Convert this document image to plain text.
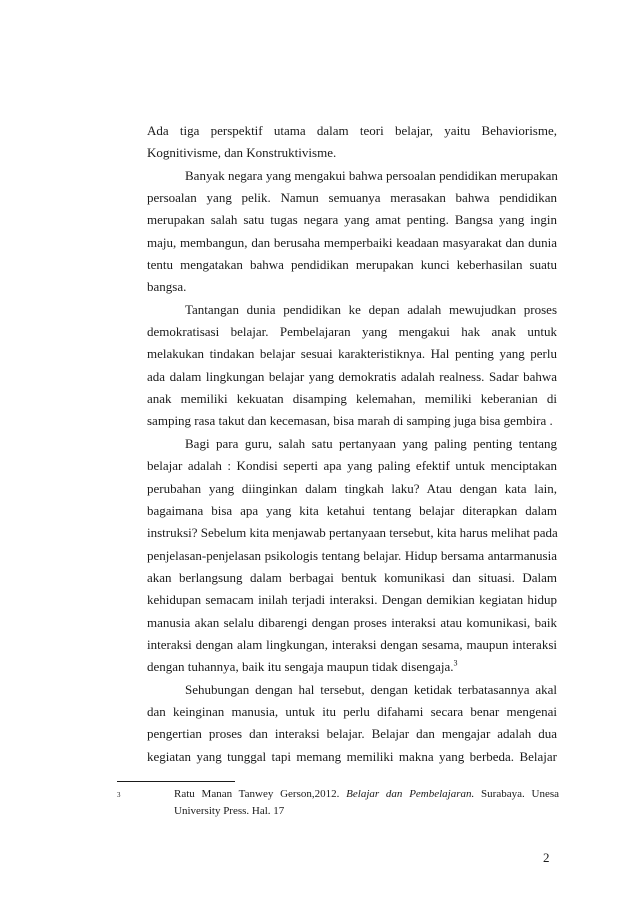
Ada tiga perspektif utama dalam teori belajar, yaitu Behaviorisme,
Kognitivisme, dan Konstruktivisme.
Banyak negara yang mengakui bahwa persoalan pendidikan merupakan
persoalan yang pelik. Namun semuanya merasakan bahwa pendidikan
merupakan salah satu tugas negara yang amat penting. Bangsa yang ingin
maju, membangun, dan berusaha memperbaiki keadaan masyarakat dan dunia
tentu mengatakan bahwa pendidikan merupakan kunci keberhasilan suatu
bangsa.
Tantangan dunia pendidikan ke depan adalah mewujudkan proses
demokratisasi belajar. Pembelajaran yang mengakui hak anak untuk
melakukan tindakan belajar sesuai karakteristiknya. Hal penting yang perlu
ada dalam lingkungan belajar yang demokratis adalah realness. Sadar bahwa
anak memiliki kekuatan disamping kelemahan, memiliki keberanian di
samping rasa takut dan kecemasan, bisa marah di samping juga bisa gembira .
Bagi para guru, salah satu pertanyaan yang paling penting tentang
belajar adalah : Kondisi seperti apa yang paling efektif untuk menciptakan
perubahan yang diinginkan dalam tingkah laku? Atau dengan kata lain,
bagaimana bisa apa yang kita ketahui tentang belajar diterapkan dalam
instruksi? Sebelum kita menjawab pertanyaan tersebut, kita harus melihat pada
penjelasan-penjelasan psikologis tentang belajar. Hidup bersama antarmanusia
akan berlangsung dalam berbagai bentuk komunikasi dan situasi. Dalam
kehidupan semacam inilah terjadi interaksi. Dengan demikian kegiatan hidup
manusia akan selalu dibarengi dengan proses interaksi atau komunikasi, baik
interaksi dengan alam lingkungan, interaksi dengan sesama, maupun interaksi
dengan tuhannya, baik itu sengaja maupun tidak disengaja.$^3$
Sehubungan dengan hal tersebut, dengan ketidak terbatasannya akal
dan keinginan manusia, untuk itu perlu difahami secara benar mengenai
pengertian proses dan interaksi belajar. Belajar dan mengajar adalah dua
kegiatan yang tunggal tapi memang memiliki makna yang berbeda. Belajar
3	Ratu Manan Tanwey Gerson,2012. Belajar dan Pembelajaran. Surabaya. Unesa
University Press. Hal. 17
2
